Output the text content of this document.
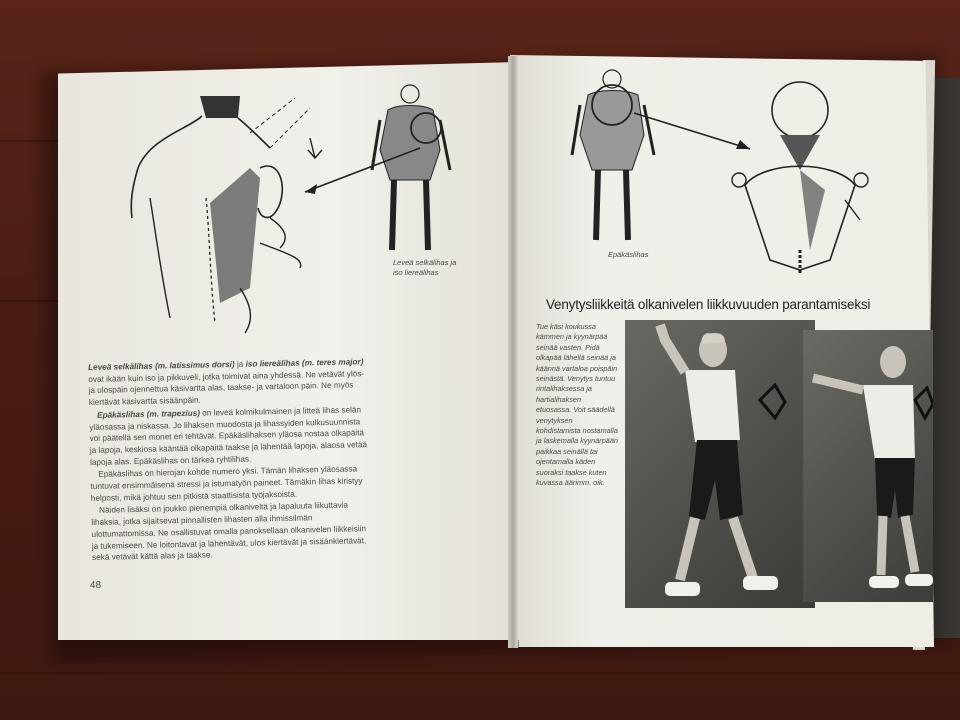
Leveä selkälihas ja iso liereälihas

Leveä selkälihas (m. latissimus dorsi) ja iso liereälihas (m. teres major) ovat ikään kuin iso ja pikkuveli, jotka toimivat aina yhdessä. Ne vetävät ylös- ja ulospäin ojennettua käsivartta alas, taakse- ja vartaloon päin. Ne myös kiertävät käsivartta sisäänpäin.

Epäkäslihas (m. trapezius) on leveä kolmikulmainen ja litteä lihas selän yläosassa ja niskassa. Jo lihaksen muodosta ja lihassyiden kulkusuunnista voi päätellä sen monet eri tehtävät. Epäkäslihaksen yläosa nostaa olkapäitä ja lapoja, keskiosa kääntää olkapäitä taakse ja lähentää lapoja, alaosa vetää lapoja alas. Epäkäslihas on tärkeä ryhtilihas.

Epäkäslihas on hierojan kohde numero yksi. Tämän lihaksen yläosassa tuntuvat ensimmäisenä stressi ja istumatyön paineet. Tämäkin lihas kiristyy helposti, mikä johtuu sen pitkistä staattisista työjaksoista.

Näiden lisäksi on joukko pienempiä olkaniveltä ja lapaluuta liikuttavia lihaksia, jotka sijaitsevat pinnallisten lihasten alla ihmissilmän ulottumattomissa. Ne osallistuvat omalla panoksellaan olkanivelen liikkeisiin ja tukemiseen. Ne loitontavat ja lähentävät, ulos kiertävät ja sisäänkiertävät, sekä vetävät kättä alas ja taakse.

48

Epäkäslihas

Venytysliikkeitä olkanivelen liikkuvuuden parantamiseksi

Tue käsi koukussa kämmen ja kyynärpää seinää vasten. Pidä olkapää lähellä seinää ja käännä vartaloa poispäin seinästä. Venytys tuntuu rintalihaksessa ja hartialihaksen etuosassa. Voit säädellä venytyksen kohdistamista nostamalla ja laskemalla kyynärpään paikkaa seinällä tai ojentamalla käden suoraksi taakse kuten kuvassa äärimm. oik.
